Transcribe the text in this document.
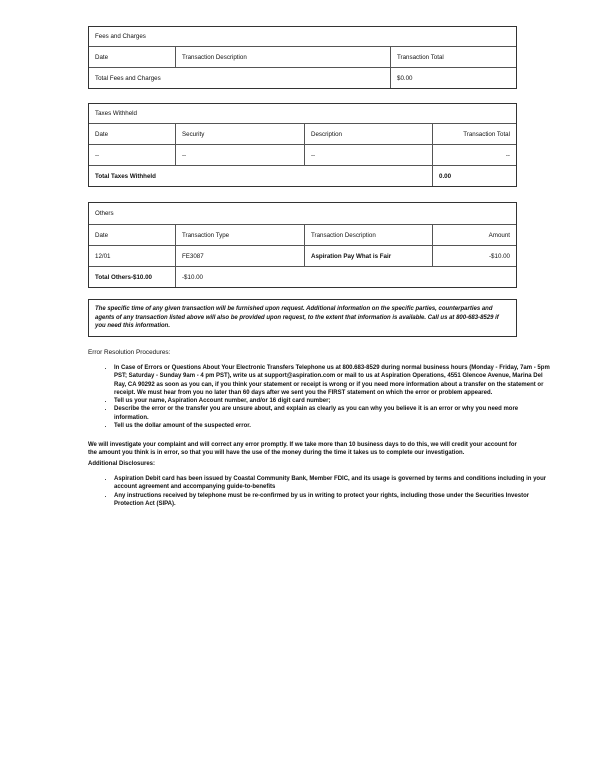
Fees and Charges
Date	Transaction Description	Transaction Total
Total Fees and Charges	$0.00
Taxes Withheld
Date	Security	Description	Transaction Total
--	--	--	--
Total Taxes Withheld	0.00
Others
Date	Transaction Type	Transaction Description	Amount
12/01	FE3087	Aspiration Pay What is Fair	-$10.00
Total Others-$10.00	-$10.00
The specific time of any given transaction will be furnished upon request. Additional information on the specific parties, counterparties and agents of any transaction listed above will also be provided upon request, to the extent that information is available. Call us at 800-683-8529 if you need this information.
Error Resolution Procedures:
• In Case of Errors or Questions About Your Electronic Transfers Telephone us at 800.683-8529 during normal business hours (Monday - Friday, 7am - 5pm PST; Saturday - Sunday 9am - 4 pm PST), write us at support@aspiration.com or mail to us at Aspiration Operations, 4551 Glencoe Avenue, Marina Del Ray, CA 90292 as soon as you can, if you think your statement or receipt is wrong or if you need more information about a transfer on the statement or receipt. We must hear from you no later than 60 days after we sent you the FIRST statement on which the error or problem appeared.
• Tell us your name, Aspiration Account number, and/or 16 digit card number;
• Describe the error or the transfer you are unsure about, and explain as clearly as you can why you believe it is an error or why you need more information.
• Tell us the dollar amount of the suspected error.
We will investigate your complaint and will correct any error promptly. If we take more than 10 business days to do this, we will credit your account for the amount you think is in error, so that you will have the use of the money during the time it takes us to complete our investigation.
Additional Disclosures:
• Aspiration Debit card has been issued by Coastal Community Bank, Member FDIC, and its usage is governed by terms and conditions including in your account agreement and accompanying guide-to-benefits
• Any instructions received by telephone must be re-confirmed by us in writing to protect your rights, including those under the Securities Investor Protection Act (SIPA).
